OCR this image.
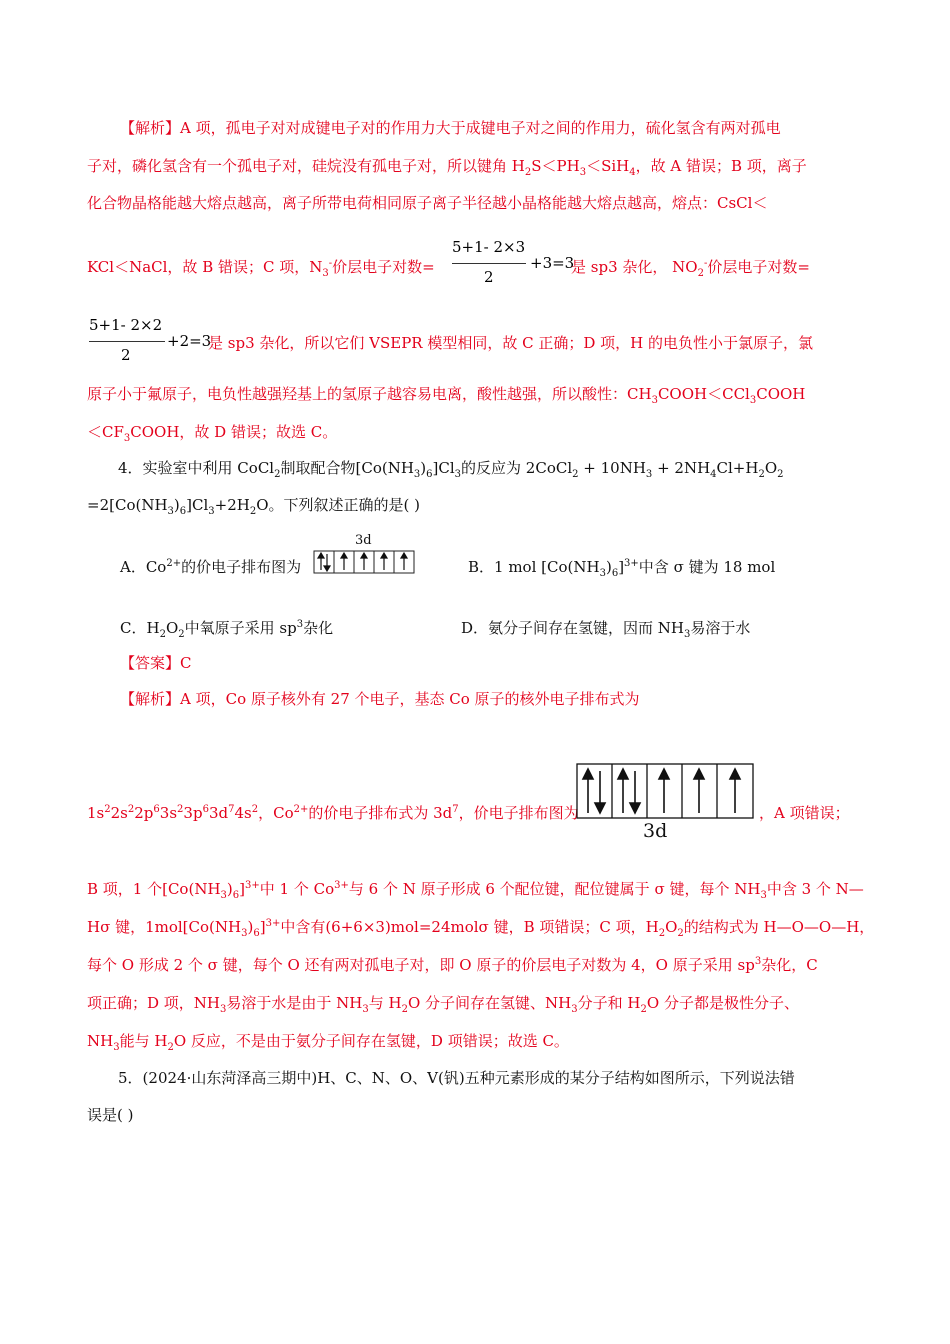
【解析】A 项，孤电子对对成键电子对的作用力大于成键电子对之间的作用力，硫化氢含有两对孤电
子对，磷化氢含有一个孤电子对，硅烷没有孤电子对，所以键角 $H_2S<PH_3<SiH_4$，故 A 错误；B 项，离子
化合物晶格能越大熔点越高，离子所带电荷相同原子离子半径越小晶格能越大熔点越高，熔点：CsCl＜
KCl＜NaCl，故 B 错误；C 项，$N_3^-$价层电子对数=
5+1- 2×3
2
+3=3
是 sp3 杂化， $NO_2^-$价层电子对数=
5+1- 2×2
2
+2=3
是 sp3 杂化，所以它们 VSEPR 模型相同，故 C 正确；D 项，H 的电负性小于氯原子，氯
原子小于氟原子，电负性越强羟基上的氢原子越容易电离，酸性越强，所以酸性：$CH_3COOH<CCl_3COOH$
$<CF_3COOH$，故 D 错误；故选 C。
4．实验室中利用 CoCl$_2$制取配合物$[Co(NH_3)_6]Cl_3$的反应为 2CoCl$_2$ + $10NH_3 + 2NH_4Cl+H_2O_2$
$=2[Co(NH_3)_6]Cl_3+2H_2O$。下列叙述正确的是( )
A．$Co^{2+}$的价电子排布图为
3d
B．1 mol $[Co(NH_3)_6]^{3+}$中含 σ 键为 18 mol
C．$H_2O_2$中氧原子采用 $sp^3$杂化	D．氨分子间存在氢键，因而 $NH_3$易溶于水
【答案】C
【解析】A 项，Co 原子核外有 27 个电子，基态 Co 原子的核外电子排布式为
$1s^22s^22p^63s^23p^63d^74s^2$，$Co^{2+}$的价电子排布式为 $3d^7$，价电子排布图为
3d
，A 项错误；
B 项，1 个$[Co(NH_3)_6]^{3+}$中 1 个 $Co^{3+}$与 6 个 N 原子形成 6 个配位键，配位键属于 σ 键，每个 $NH_3$中含 3 个 N—
Hσ 键，$1mol[Co(NH_3)_6]^{3+}$中含有(6+6×3)mol=24molσ 键，B 项错误；C 项，$H_2O_2$的结构式为 H—O—O—H，
每个 O 形成 2 个 σ 键，每个 O 还有两对孤电子对，即 O 原子的价层电子对数为 4，O 原子采用 $sp^3$杂化，C
项正确；D 项，$NH_3$易溶于水是由于 $NH_3$与 $H_2O$ 分子间存在氢键、$NH_3$分子和 $H_2O$ 分子都是极性分子、
$NH_3$能与 $H_2O$ 反应，不是由于氨分子间存在氢键，D 项错误；故选 C。
5．(2024·山东菏泽高三期中)H、C、N、O、V(钒)五种元素形成的某分子结构如图所示，下列说法错
误是( )
